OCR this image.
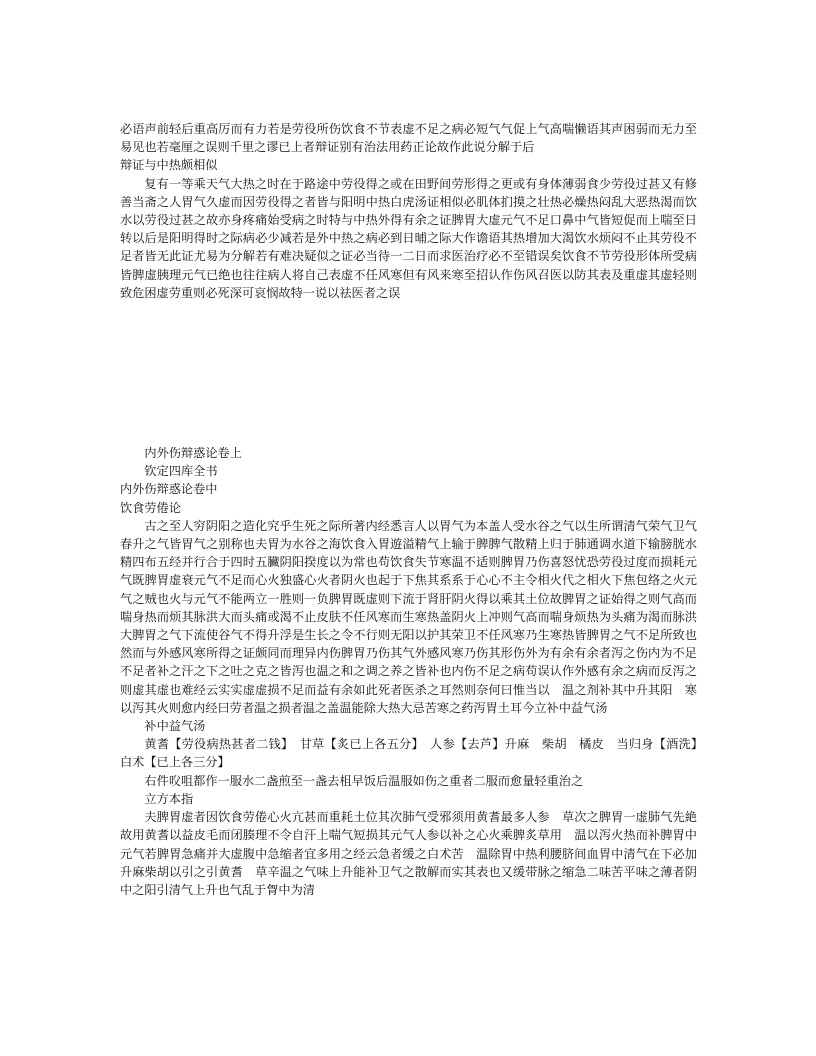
必语声前轻后重高厉而有力若是劳役所伤饮食不节表虚不足之病必短气气促上气高喘懒语其声困弱而无力至易见也若毫厘之误则千里之谬已上者辩证别有治法用药正论故作此说分解于后

辩证与中热颇相似

复有一等乘天气大热之时在于路途中劳役得之或在田野间劳形得之更或有身体薄弱食少劳役过甚又有修善当斋之人胃气久虚而因劳役得之者皆与阳明中热白虎汤证相似必肌体扪摸之壮热必燥热闷乱大恶热渴而饮水以劳役过甚之故亦身疼痛始受病之时特与中热外得有余之证脾胃大虚元气不足口鼻中气皆短促而上喘至日转以后是阳明得时之际病必少减若是外中热之病必到日晡之际大作谵语其热增加大渴饮水烦闷不止其劳役不足者皆无此证尤易为分解若有难决疑似之证必当待一二日而求医治疗必不至错误矣饮食不节劳役形体所受病皆脾虚胰理元气已绝也往往病人将自己表虚不任风寒但有风来寒至招认作伤风召医以防其表及重虚其虚轻则致危困虚劳重则必死深可哀悯故特一说以祛医者之误

内外伤辩惑论卷上

钦定四库全书

内外伤辩惑论卷中

饮食劳倦论

古之至人穷阴阳之造化究乎生死之际所著内经悉言人以胃气为本盖人受水谷之气以生所谓清气荣气卫气春升之气皆胃气之别称也夫胃为水谷之海饮食入胃遊溢精气上输于脾脾气散精上归于肺通调水道下输膀胱水精四布五经并行合于四时五臟阴阳揆度以为常也苟饮食失节寒温不适则脾胃乃伤喜怒忧恐劳役过度而损耗元气既脾胃虚衰元气不足而心火独盛心火者阴火也起于下焦其系系于心心不主令相火代之相火下焦包络之火元气之贼也火与元气不能两立一胜则一负脾胃既虚则下流于肾肝阴火得以乘其土位故脾胃之证始得之则气高而喘身热而烦其脉洪大而头痛或渴不止皮肤不任风寒而生寒热盖阴火上冲则气高而喘身烦热为头痛为渴而脉洪大脾胃之气下流使谷气不得升浮是生长之令不行则无阳以护其荣卫不任风寒乃生寒热皆脾胃之气不足所致也然而与外感风寒所得之证颇同而理异内伤脾胃乃伤其气外感风寒乃伤其形伤外为有余有余者泻之伤内为不足不足者补之汗之下之吐之克之皆泻也温之和之调之养之皆补也内伤不足之病苟误认作外感有余之病而反泻之则虚其虚也难经云实实虚虚损不足而益有余如此死者医杀之耳然则奈何曰惟当以　温之剂补其中升其阳　寒以泻其火则愈内经曰劳者温之损者温之盖温能除大热大忌苦寒之药泻胃土耳今立补中益气汤

补中益气汤

黄耆【劳役病热甚者二钱】　甘草【炙已上各五分】　人参【去芦】升麻　柴胡　橘皮　当归身【酒洗】　白术【已上各三分】

右件㕮咀都作一服水二盏煎至一盏去柤早饭后温服如伤之重者二服而愈量轻重治之

立方本指

夫脾胃虚者因饮食劳倦心火亢甚而重耗土位其次肺气受邪须用黄耆最多人参　草次之脾胃一虚肺气先絶故用黄耆以益皮毛而闭腠理不令自汗上喘气短损其元气人参以补之心火乘脾炙草用　温以泻火热而补脾胃中元气若脾胃急痛并大虚腹中急缩者宜多用之经云急者缓之白术苦　温除胃中热利腰脐间血胃中清气在下必加升麻柴胡以引之引黄耆　草辛温之气味上升能补卫气之散解而实其表也又缓带脉之缩急二味苦平味之薄者阴中之阳引清气上升也气乱于胷中为清
